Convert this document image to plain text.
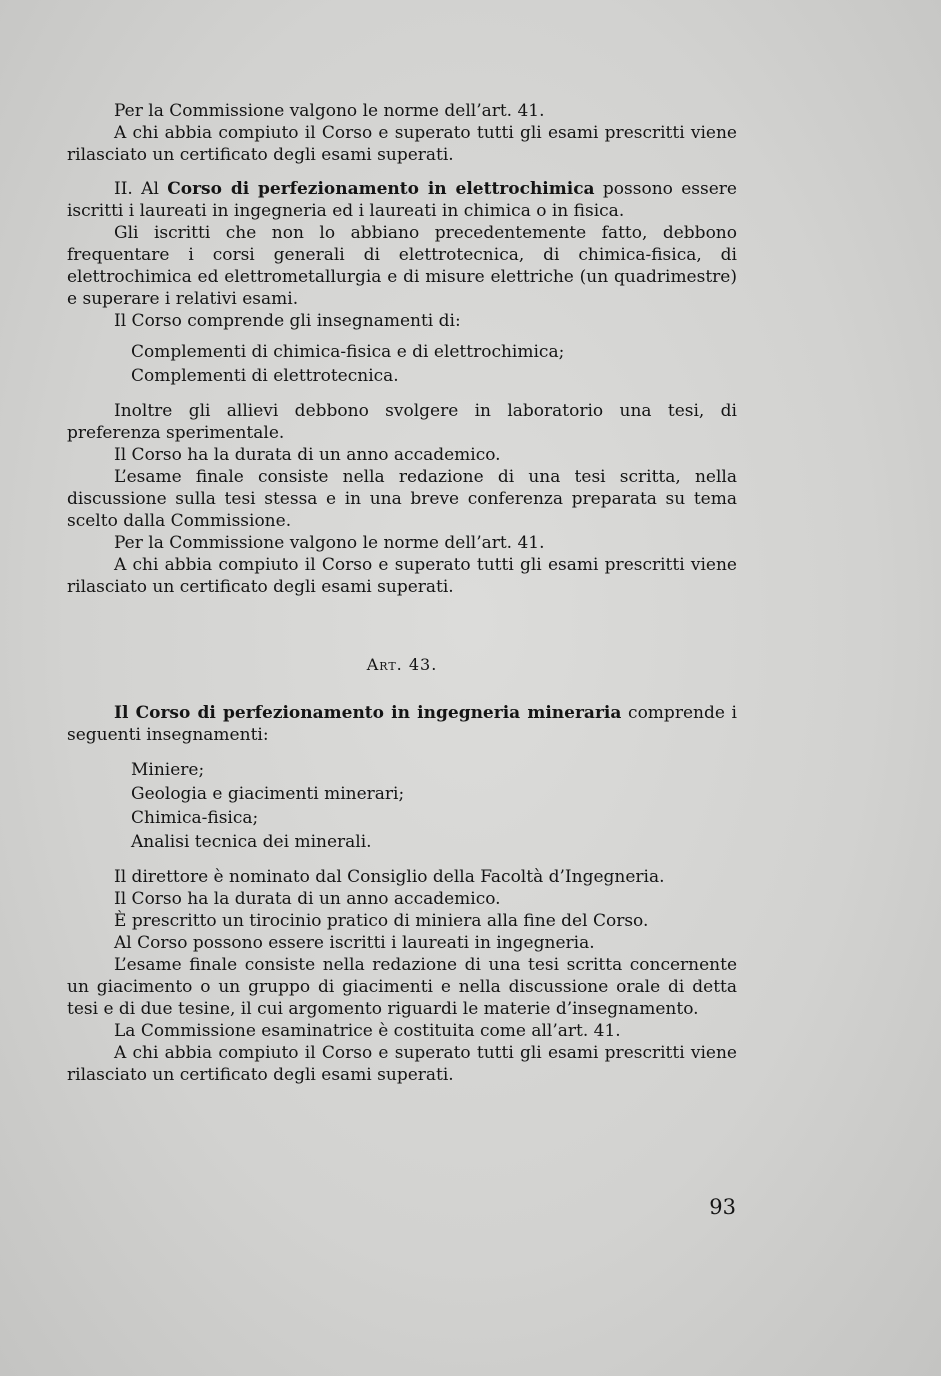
Per la Commissione valgono le norme dell’art. 41.

A chi abbia compiuto il Corso e superato tutti gli esami prescritti viene rilasciato un certificato degli esami superati.

II. Al Corso di perfezionamento in elettrochimica possono essere iscritti i laureati in ingegneria ed i laureati in chimica o in fisica.

Gli iscritti che non lo abbiano precedentemente fatto, debbono frequentare i corsi generali di elettrotecnica, di chimica-fisica, di elettrochimica ed elettrometallurgia e di misure elettriche (un quadrimestre) e superare i relativi esami.

Il Corso comprende gli insegnamenti di:

Complementi di chimica-fisica e di elettrochimica;
Complementi di elettrotecnica.

Inoltre gli allievi debbono svolgere in laboratorio una tesi, di preferenza sperimentale.

Il Corso ha la durata di un anno accademico.

L’esame finale consiste nella redazione di una tesi scritta, nella discussione sulla tesi stessa e in una breve conferenza preparata su tema scelto dalla Commissione.

Per la Commissione valgono le norme dell’art. 41.

A chi abbia compiuto il Corso e superato tutti gli esami prescritti viene rilasciato un certificato degli esami superati.

Art. 43.

Il Corso di perfezionamento in ingegneria mineraria comprende i seguenti insegnamenti:

Miniere;
Geologia e giacimenti minerari;
Chimica-fisica;
Analisi tecnica dei minerali.

Il direttore è nominato dal Consiglio della Facoltà d’Ingegneria.

Il Corso ha la durata di un anno accademico.

È prescritto un tirocinio pratico di miniera alla fine del Corso.

Al Corso possono essere iscritti i laureati in ingegneria.

L’esame finale consiste nella redazione di una tesi scritta concernente un giacimento o un gruppo di giacimenti e nella discussione orale di detta tesi e di due tesine, il cui argomento riguardi le materie d’insegnamento.

La Commissione esaminatrice è costituita come all’art. 41.

A chi abbia compiuto il Corso e superato tutti gli esami prescritti viene rilasciato un certificato degli esami superati.

93
